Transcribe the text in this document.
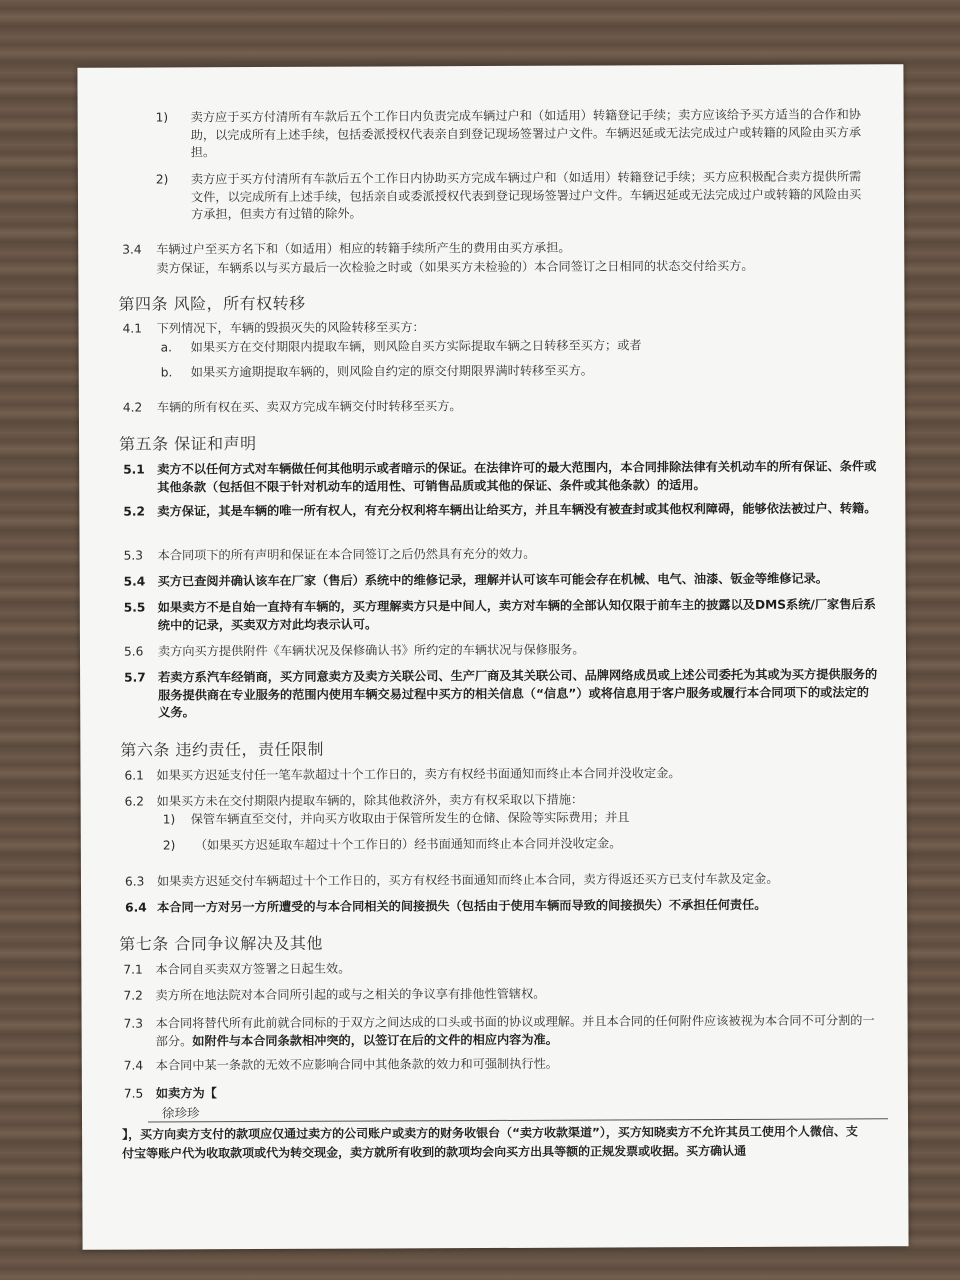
1) 卖方应于买方付清所有车款后五个工作日内负责完成车辆过户和（如适用）转籍登记手续；卖方应该给予买方适当的合作和协助，以完成所有上述手续，包括委派授权代表亲自到登记现场签署过户文件。车辆迟延或无法完成过户或转籍的风险由买方承担。
2) 卖方应于买方付清所有车款后五个工作日内协助买方完成车辆过户和（如适用）转籍登记手续；买方应积极配合卖方提供所需文件，以完成所有上述手续，包括亲自或委派授权代表到登记现场签署过户文件。车辆迟延或无法完成过户或转籍的风险由买方承担，但卖方有过错的除外。
3.4 车辆过户至买方名下和（如适用）相应的转籍手续所产生的费用由买方承担。
卖方保证，车辆系以与买方最后一次检验之时或（如果买方未检验的）本合同签订之日相同的状态交付给买方。
第四条 风险，所有权转移
4.1 下列情况下，车辆的毁损灭失的风险转移至买方：
a. 如果买方在交付期限内提取车辆，则风险自买方实际提取车辆之日转移至买方；或者
b. 如果买方逾期提取车辆的，则风险自约定的原交付期限界满时转移至买方。
4.2 车辆的所有权在买、卖双方完成车辆交付时转移至买方。
第五条 保证和声明
5.1 卖方不以任何方式对车辆做任何其他明示或者暗示的保证。在法律许可的最大范围内，本合同排除法律有关机动车的所有保证、条件或其他条款（包括但不限于针对机动车的适用性、可销售品质或其他的保证、条件或其他条款）的适用。
5.2 卖方保证，其是车辆的唯一所有权人，有充分权利将车辆出让给买方，并且车辆没有被查封或其他权利障碍，能够依法被过户、转籍。
5.3 本合同项下的所有声明和保证在本合同签订之后仍然具有充分的效力。
5.4 买方已查阅并确认该车在厂家（售后）系统中的维修记录，理解并认可该车可能会存在机械、电气、油漆、钣金等维修记录。
5.5 如果卖方不是自始一直持有车辆的，买方理解卖方只是中间人，卖方对车辆的全部认知仅限于前车主的披露以及DMS系统/厂家售后系统中的记录，买卖双方对此均表示认可。
5.6 卖方向买方提供附件《车辆状况及保修确认书》所约定的车辆状况与保修服务。
5.7 若卖方系汽车经销商，买方同意卖方及卖方关联公司、生产厂商及其关联公司、品牌网络成员或上述公司委托为其或为买方提供服务的服务提供商在专业服务的范围内使用车辆交易过程中买方的相关信息（“信息”）或将信息用于客户服务或履行本合同项下的或法定的义务。
第六条 违约责任，责任限制
6.1 如果买方迟延支付任一笔车款超过十个工作日的，卖方有权经书面通知而终止本合同并没收定金。
6.2 如果买方未在交付期限内提取车辆的，除其他救济外，卖方有权采取以下措施：
1) 保管车辆直至交付，并向买方收取由于保管所发生的仓储、保险等实际费用；并且
2) （如果买方迟延取车超过十个工作日的）经书面通知而终止本合同并没收定金。
6.3 如果卖方迟延交付车辆超过十个工作日的，买方有权经书面通知而终止本合同，卖方得返还买方已支付车款及定金。
6.4 本合同一方对另一方所遭受的与本合同相关的间接损失（包括由于使用车辆而导致的间接损失）不承担任何责任。
第七条 合同争议解决及其他
7.1 本合同自买卖双方签署之日起生效。
7.2 卖方所在地法院对本合同所引起的或与之相关的争议享有排他性管辖权。
7.3 本合同将替代所有此前就合同标的于双方之间达成的口头或书面的协议或理解。并且本合同的任何附件应该被视为本合同不可分割的一部分。如附件与本合同条款相冲突的，以签订在后的文件的相应内容为准。
7.4 本合同中某一条款的无效不应影响合同中其他条款的效力和可强制执行性。
7.5 如卖方为【
徐珍珍
】，买方向卖方支付的款项应仅通过卖方的公司账户或卖方的财务收银台（“卖方收款渠道”），买方知晓卖方不允许其员工使用个人微信、支付宝等账户代为收取款项或代为转交现金，卖方就所有收到的款项均会向买方出具等额的正规发票或收据。买方确认通
